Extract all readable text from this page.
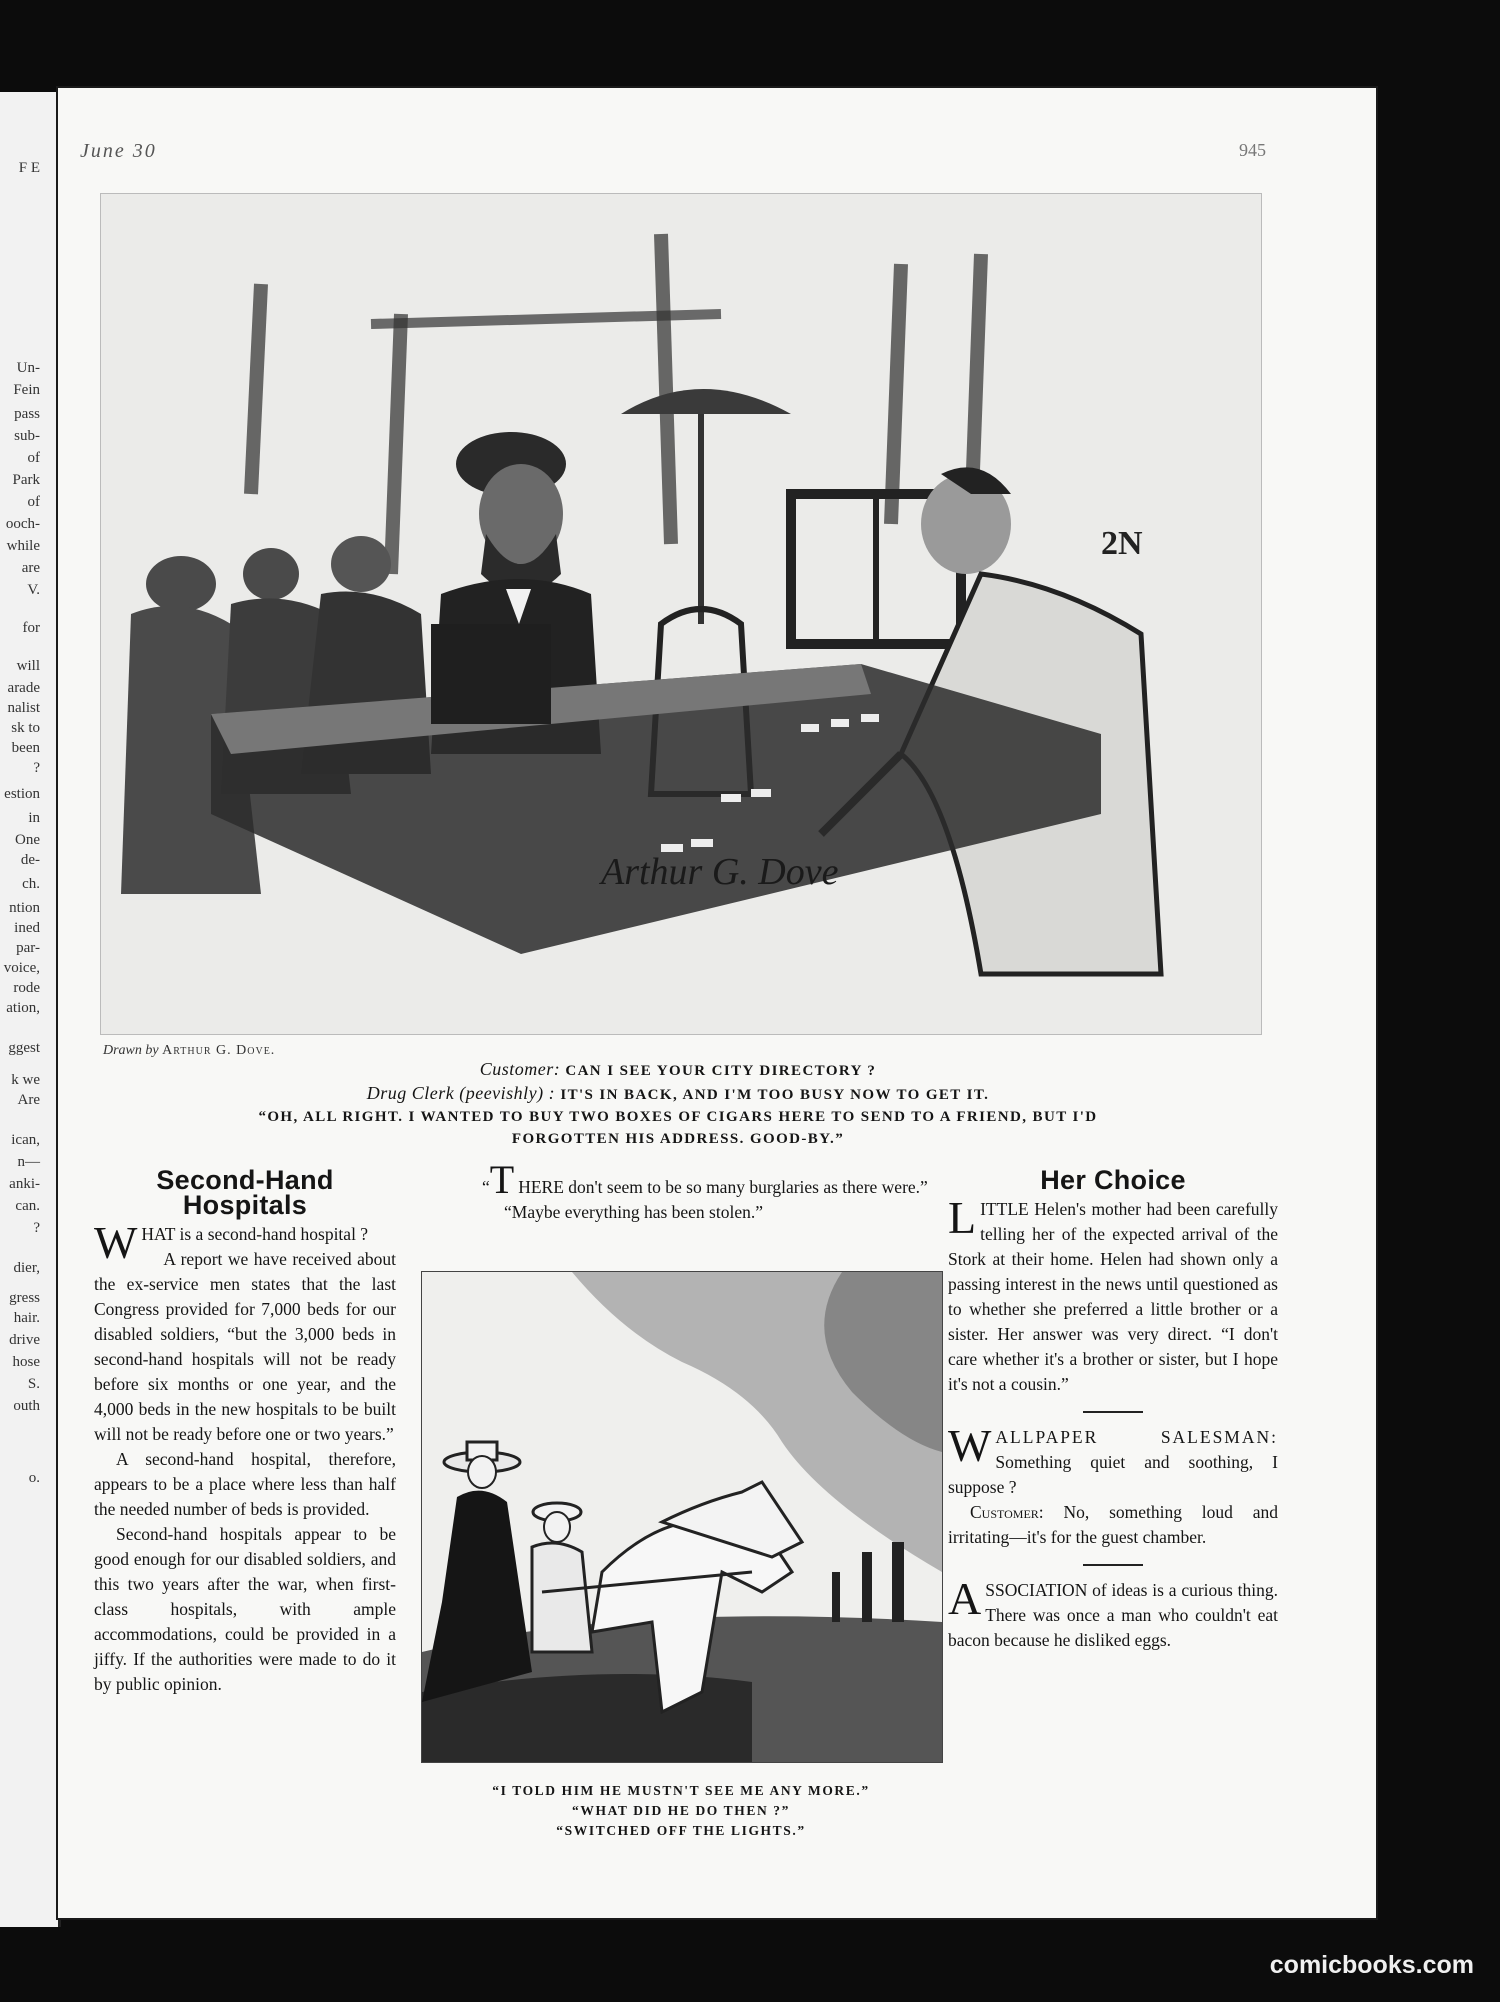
F E
Un-
Fein
pass
sub-
of
Park
of
ooch-
while
are
V.
for
will
arade
nalist
sk to
been
?
estion
in
One
de-
ch.
ntion
ined
par-
voice,
rode
ation,
ggest
k we
Are
ican,
n—
anki-
can.
?
dier,
gress
hair.
drive
hose
S.
outh
o.
June 30	945
Arthur G. Dove
2N
Drawn by Arthur G. Dove.
Customer: CAN I SEE YOUR CITY DIRECTORY ?
Drug Clerk (peevishly) : IT'S IN BACK, AND I'M TOO BUSY NOW TO GET IT.
“OH, ALL RIGHT. I WANTED TO BUY TWO BOXES OF CIGARS HERE TO SEND TO A FRIEND, BUT I'D
FORGOTTEN HIS ADDRESS. GOOD-BY.”
Second-Hand Hospitals

WHAT is a second-hand hospital ?

A report we have received about the ex-service men states that the last Congress provided for 7,000 beds for our disabled soldiers, “but the 3,000 beds in second-hand hospitals will not be ready before six months or one year, and the 4,000 beds in the new hospitals to be built will not be ready before one or two years.”

A second-hand hospital, therefore, appears to be a place where less than half the needed number of beds is provided.

Second-hand hospitals appear to be good enough for our disabled soldiers, and this two years after the war, when first-class hospitals, with ample accommodations, could be provided in a jiffy. If the authorities were made to do it by public opinion.

“T HERE don't seem to be so many burglaries as there were.”

“Maybe everything has been stolen.”

“I TOLD HIM HE MUSTN'T SEE ME ANY MORE.”
“WHAT DID HE DO THEN ?”
“SWITCHED OFF THE LIGHTS.”
Her Choice

LITTLE Helen's mother had been carefully telling her of the expected arrival of the Stork at their home. Helen had shown only a passing interest in the news until questioned as to whether she preferred a little brother or a sister. Her answer was very direct. “I don't care whether it's a brother or sister, but I hope it's not a cousin.”

WALLPAPER SALESMAN: Something quiet and soothing, I suppose ?

Customer: No, something loud and irritating—it's for the guest chamber.

ASSOCIATION of ideas is a curious thing. There was once a man who couldn't eat bacon because he disliked eggs.

comicbooks.com
